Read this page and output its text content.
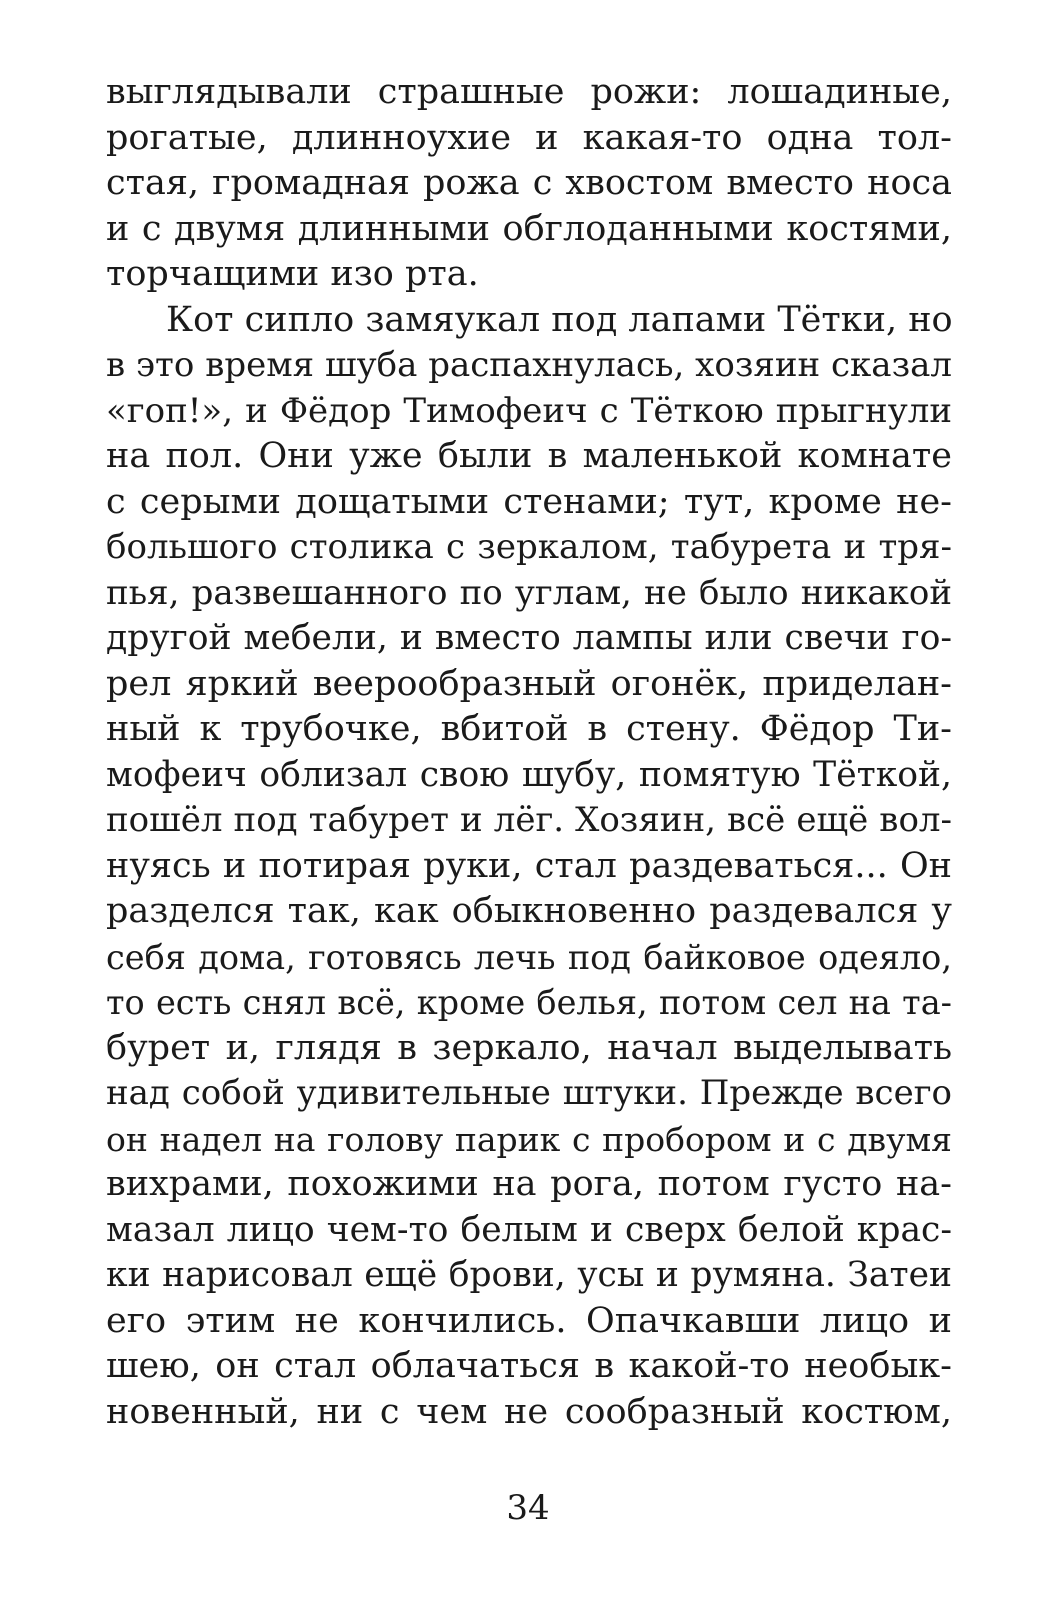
выглядывали страшные рожи: лошадиные,
рогатые, длинноухие и какая-то одна тол-
стая, громадная рожа с хвостом вместо носа
и с двумя длинными обглоданными костями,
торчащими изо рта.
Кот сипло замяукал под лапами Тётки, но
в это время шуба распахнулась, хозяин сказал
«гоп!», и Фёдор Тимофеич с Тёткою прыгнули
на пол. Они уже были в маленькой комнате
с серыми дощатыми стенами; тут, кроме не-
большого столика с зеркалом, табурета и тря-
пья, развешанного по углам, не было никакой
другой мебели, и вместо лампы или свечи го-
рел яркий веерообразный огонёк, приделан-
ный к трубочке, вбитой в стену. Фёдор Ти-
мофеич облизал свою шубу, помятую Тёткой,
пошёл под табурет и лёг. Хозяин, всё ещё вол-
нуясь и потирая руки, стал раздеваться... Он
разделся так, как обыкновенно раздевался у
себя дома, готовясь лечь под байковое одеяло,
то есть снял всё, кроме белья, потом сел на та-
бурет и, глядя в зеркало, начал выделывать
над собой удивительные штуки. Прежде всего
он надел на голову парик с пробором и с двумя
вихрами, похожими на рога, потом густо на-
мазал лицо чем-то белым и сверх белой крас-
ки нарисовал ещё брови, усы и румяна. Затеи
его этим не кончились. Опачкавши лицо и
шею, он стал облачаться в какой-то необык-
новенный, ни с чем не сообразный костюм,
34
